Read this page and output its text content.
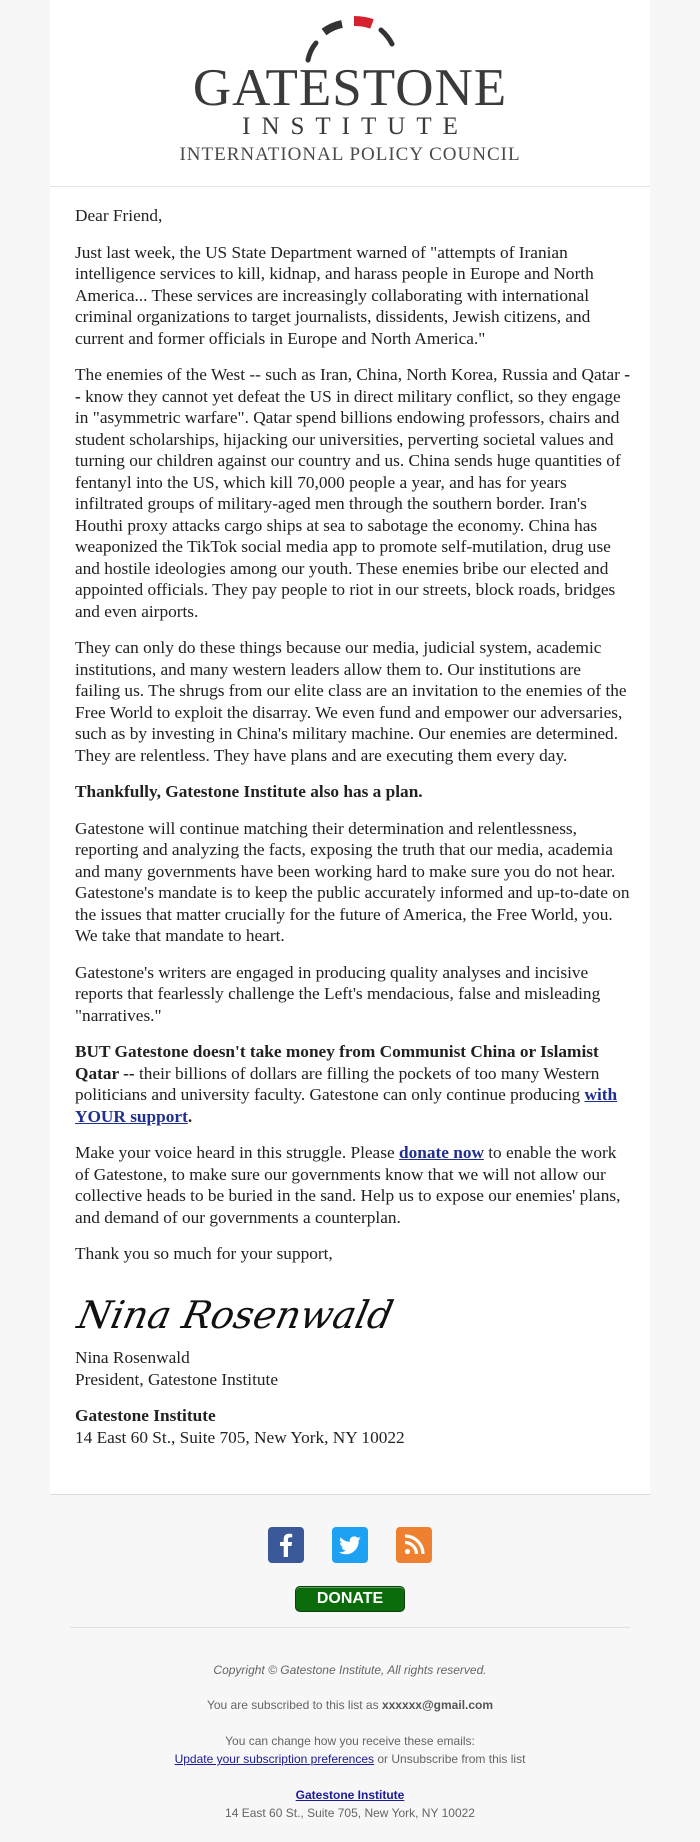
GATESTONE
INSTITUTE
INTERNATIONAL POLICY COUNCIL

Dear Friend,

Just last week, the US State Department warned of "attempts of Iranian intelligence services to kill, kidnap, and harass people in Europe and North America... These services are increasingly collaborating with international criminal organizations to target journalists, dissidents, Jewish citizens, and current and former officials in Europe and North America."

The enemies of the West -- such as Iran, China, North Korea, Russia and Qatar -- know they cannot yet defeat the US in direct military conflict, so they engage in "asymmetric warfare". Qatar spend billions endowing professors, chairs and student scholarships, hijacking our universities, perverting societal values and turning our children against our country and us. China sends huge quantities of fentanyl into the US, which kill 70,000 people a year, and has for years infiltrated groups of military-aged men through the southern border. Iran's Houthi proxy attacks cargo ships at sea to sabotage the economy. China has weaponized the TikTok social media app to promote self-mutilation, drug use and hostile ideologies among our youth. These enemies bribe our elected and appointed officials. They pay people to riot in our streets, block roads, bridges and even airports.

They can only do these things because our media, judicial system, academic institutions, and many western leaders allow them to. Our institutions are failing us. The shrugs from our elite class are an invitation to the enemies of the Free World to exploit the disarray. We even fund and empower our adversaries, such as by investing in China's military machine. Our enemies are determined. They are relentless. They have plans and are executing them every day.

Thankfully, Gatestone Institute also has a plan.

Gatestone will continue matching their determination and relentlessness, reporting and analyzing the facts, exposing the truth that our media, academia and many governments have been working hard to make sure you do not hear. Gatestone's mandate is to keep the public accurately informed and up-to-date on the issues that matter crucially for the future of America, the Free World, you. We take that mandate to heart.

Gatestone's writers are engaged in producing quality analyses and incisive reports that fearlessly challenge the Left's mendacious, false and misleading "narratives."

BUT Gatestone doesn't take money from Communist China or Islamist Qatar -- their billions of dollars are filling the pockets of too many Western politicians and university faculty. Gatestone can only continue producing with YOUR support.

Make your voice heard in this struggle. Please donate now to enable the work of Gatestone, to make sure our governments know that we will not allow our collective heads to be buried in the sand. Help us to expose our enemies' plans, and demand of our governments a counterplan.

Thank you so much for your support,

Nina Rosenwald
Nina Rosenwald
President, Gatestone Institute
Gatestone Institute
14 East 60 St., Suite 705, New York, NY 10022
DONATE
Copyright © Gatestone Institute, All rights reserved.
You are subscribed to this list as xxxxxx@gmail.com
You can change how you receive these emails:
Update your subscription preferences or Unsubscribe from this list
Gatestone Institute
14 East 60 St., Suite 705, New York, NY 10022
